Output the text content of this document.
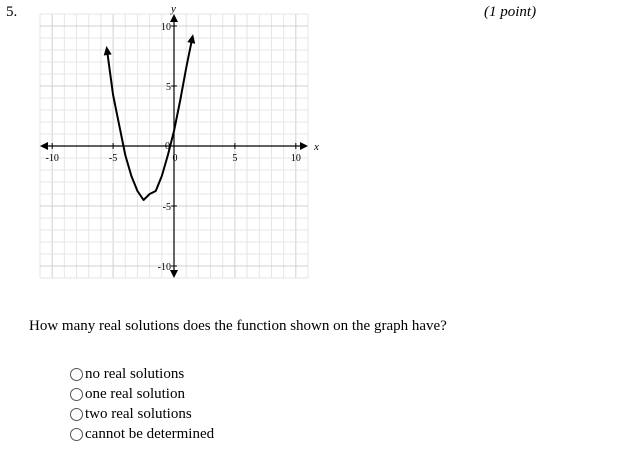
5.	(1 point)
x
y
-10	-5	0	5	10
10
5
0
-5
-10
How many real solutions does the function shown on the graph have?
no real solutions
one real solution
two real solutions
cannot be determined
